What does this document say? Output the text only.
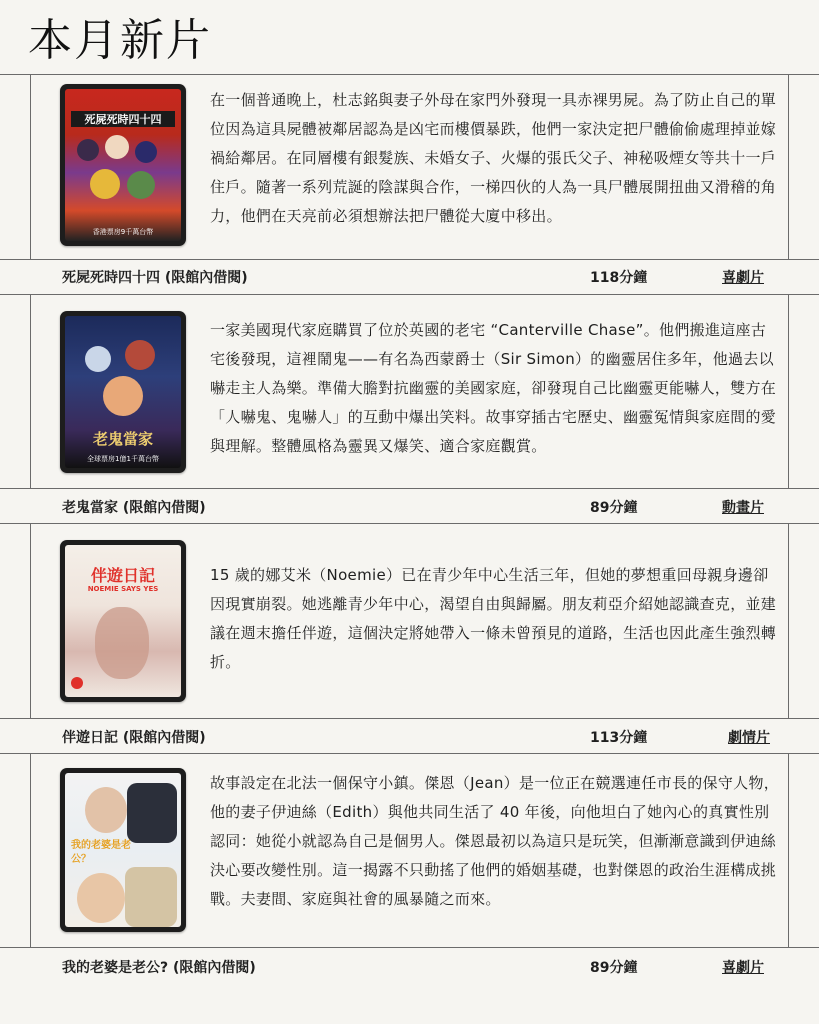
本月新片
死屍死時四十四
香港票房9千萬台幣
在一個普通晚上，杜志銘與妻子外母在家門外發現一具赤裸男屍。為了防止自己的單位因為這具屍體被鄰居認為是凶宅而樓價暴跌，他們一家決定把尸體偷偷處理掉並嫁禍給鄰居。在同層樓有銀髮族、未婚女子、火爆的張氏父子、神秘吸煙女等共十一戶住戶。隨著一系列荒誕的陰謀與合作，一梯四伙的人為一具尸體展開扭曲又滑稽的角力，他們在天亮前必須想辦法把尸體從大廈中移出。
死屍死時四十四 (限館內借閱)	118分鐘	喜劇片
老鬼當家
全球票房1億1千萬台幣
一家美國現代家庭購買了位於英國的老宅 “Canterville Chase”。他們搬進這座古宅後發現，這裡鬧鬼——有名為西蒙爵士（Sir Simon）的幽靈居住多年，他過去以嚇走主人為樂。準備大膽對抗幽靈的美國家庭，卻發現自己比幽靈更能嚇人，雙方在「人嚇鬼、鬼嚇人」的互動中爆出笑料。故事穿插古宅歷史、幽靈冤情與家庭間的愛與理解。整體風格為靈異又爆笑、適合家庭觀賞。
老鬼當家 (限館內借閱)	89分鐘	動畫片
伴遊日記
NOEMIE SAYS YES
15 歲的娜艾米（Noemie）已在青少年中心生活三年，但她的夢想重回母親身邊卻因現實崩裂。她逃離青少年中心，渴望自由與歸屬。朋友莉亞介紹她認識查克，並建議在週末擔任伴遊，這個決定將她帶入一條未曾預見的道路，生活也因此產生強烈轉折。
伴遊日記 (限館內借閱)	113分鐘	劇情片
我的老婆是老公？
故事設定在北法一個保守小鎮。傑恩（Jean）是一位正在競選連任市長的保守人物，他的妻子伊迪絲（Edith）與他共同生活了 40 年後，向他坦白了她內心的真實性別認同：她從小就認為自己是個男人。傑恩最初以為這只是玩笑，但漸漸意識到伊迪絲決心要改變性別。這一揭露不只動搖了他們的婚姻基礎，也對傑恩的政治生涯構成挑戰。夫妻間、家庭與社會的風暴隨之而來。
我的老婆是老公? (限館內借閱)	89分鐘	喜劇片
